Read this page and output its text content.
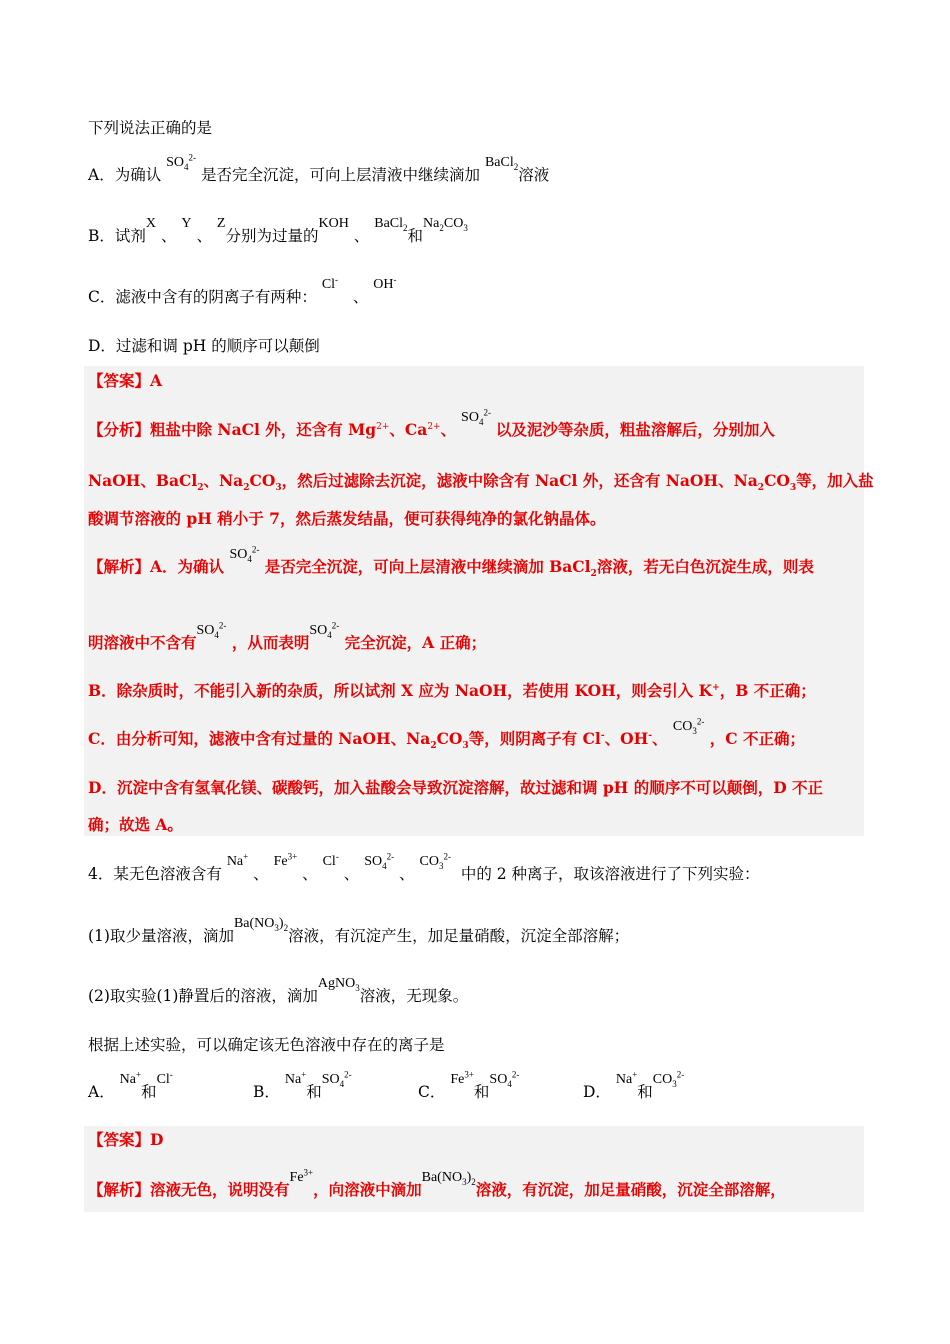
下列说法正确的是
A．为确认 $SO_4^{2-}$ 是否完全沉淀，可向上层清液中继续滴加 BaCl$_2$溶液
B．试剂X 、 Y 、 Z分别为过量的KOH 、 BaCl$_2$和$Na_2CO_3$
C．滤液中含有的阴离子有两种： Cl-   、 OH-
D．过滤和调 pH 的顺序可以颠倒
【答案】A
【分析】粗盐中除 NaCl 外，还含有 $Mg^{2+}$、$Ca^{2+}$、 $SO_4^{2-}$ 以及泥沙等杂质，粗盐溶解后，分别加入
NaOH、BaCl$_2$、$Na_2CO_3$，然后过滤除去沉淀，滤液中除含有 NaCl 外，还含有 NaOH、$Na_2CO_3$等，加入盐
酸调节溶液的 pH 稍小于 7，然后蒸发结晶，便可获得纯净的氯化钠晶体。
【解析】A．为确认 $SO_4^{2-}$ 是否完全沉淀，可向上层清液中继续滴加 BaCl$_2$溶液，若无白色沉淀生成，则表
明溶液中不含有$SO_4^{2-}$ ，从而表明$SO_4^{2-}$ 完全沉淀，A 正确；
B．除杂质时，不能引入新的杂质，所以试剂 X 应为 NaOH，若使用 KOH，则会引入 K+，B 不正确；
C．由分析可知，滤液中含有过量的 NaOH、$Na_2CO_3$等，则阴离子有 Cl-、OH-、 $CO_3^{2-}$ ，C 不正确；
D．沉淀中含有氢氧化镁、碳酸钙，加入盐酸会导致沉淀溶解，故过滤和调 pH 的顺序不可以颠倒，D 不正
确；故选 A。
4．某无色溶液含有 Na+ 、 $Fe^{3+}$ 、 Cl- 、 $SO_4^{2-}$ 、 $CO_3^{2-}$  中的 2 种离子，取该溶液进行了下列实验：
(1)取少量溶液，滴加$Ba(NO_3)_2$溶液，有沉淀产生，加足量硝酸，沉淀全部溶解；
(2)取实验(1)静置后的溶液，滴加AgNO$_3$溶液，无现象。
根据上述实验，可以确定该无色溶液中存在的离子是
A． Na+和Cl-
B． Na+和$SO_4^{2-}$
C． $Fe^{3+}$和$SO_4^{2-}$
D． Na+和$CO_3^{2-}$
【答案】D
【解析】溶液无色，说明没有$Fe^{3+}$，向溶液中滴加$Ba(NO_3)_2$溶液，有沉淀，加足量硝酸，沉淀全部溶解，
